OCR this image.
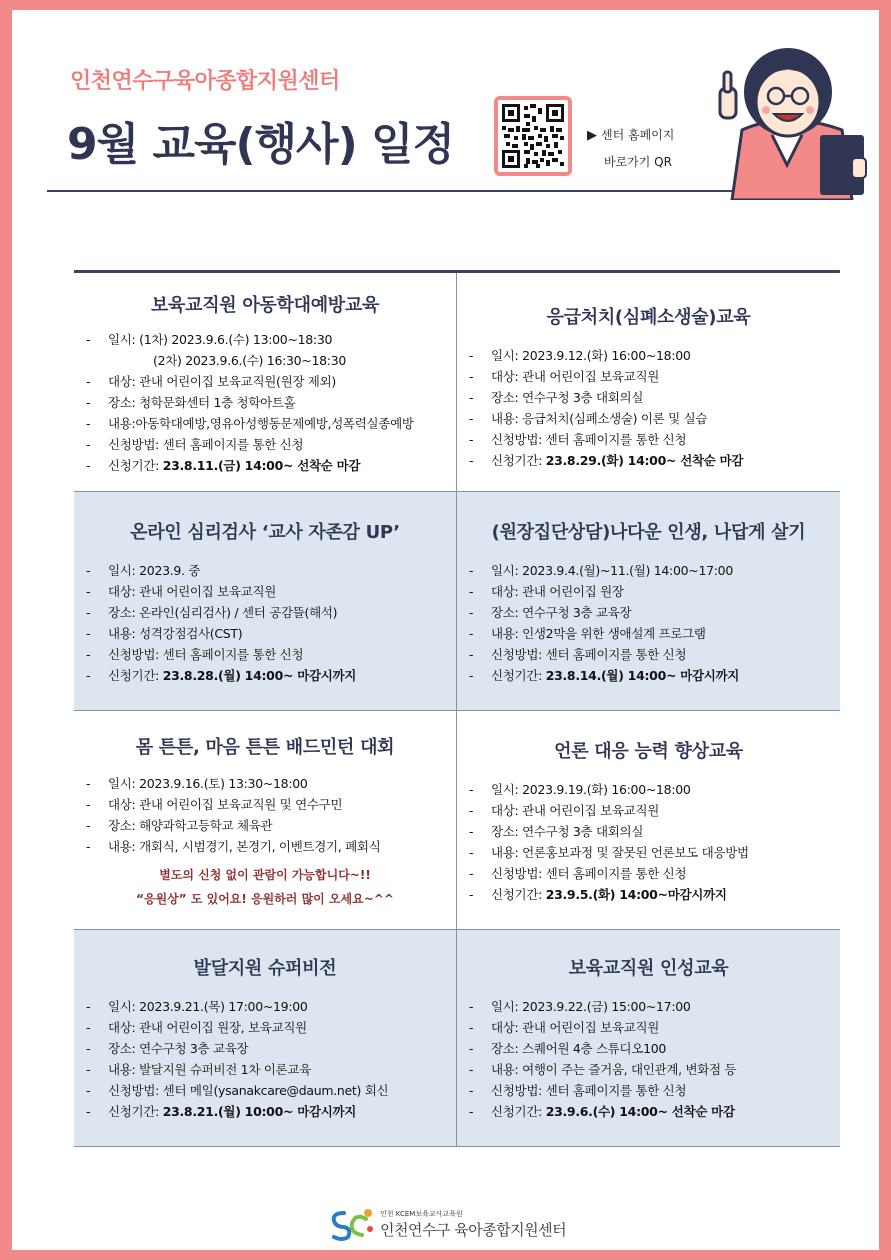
인천연수구육아종합지원센터
9월 교육(행사) 일정	▶ 센터 홈페이지
바로가기 QR
보육교직원 아동학대예방교육
- 일시: (1차) 2023.9.6.(수) 13:00~18:30
(2차) 2023.9.6.(수) 16:30~18:30
- 대상: 관내 어린이집 보육교직원(원장 제외)
- 장소: 청학문화센터 1층 청학아트홀
- 내용:아동학대예방,영유아성행동문제예방,성폭력실종예방
- 신청방법: 센터 홈페이지를 통한 신청
- 신청기간: 23.8.11.(금) 14:00~ 선착순 마감
응급처치(심폐소생술)교육
- 일시: 2023.9.12.(화) 16:00~18:00
- 대상: 관내 어린이집 보육교직원
- 장소: 연수구청 3층 대회의실
- 내용: 응급처치(심폐소생술) 이론 및 실습
- 신청방법: 센터 홈페이지를 통한 신청
- 신청기간: 23.8.29.(화) 14:00~ 선착순 마감
온라인 심리검사 ‘교사 자존감 UP’
- 일시: 2023.9. 중
- 대상: 관내 어린이집 보육교직원
- 장소: 온라인(심리검사) / 센터 공감뜰(해석)
- 내용: 성격강점검사(CST)
- 신청방법: 센터 홈페이지를 통한 신청
- 신청기간: 23.8.28.(월) 14:00~ 마감시까지
(원장집단상담)나다운 인생, 나답게 살기
- 일시: 2023.9.4.(월)~11.(월) 14:00~17:00
- 대상: 관내 어린이집 원장
- 장소: 연수구청 3층 교육장
- 내용: 인생2막을 위한 생애설계 프로그램
- 신청방법: 센터 홈페이지를 통한 신청
- 신청기간: 23.8.14.(월) 14:00~ 마감시까지
몸 튼튼, 마음 튼튼 배드민턴 대회
- 일시: 2023.9.16.(토) 13:30~18:00
- 대상: 관내 어린이집 보육교직원 및 연수구민
- 장소: 해양과학고등학교 체육관
- 내용: 개회식, 시범경기, 본경기, 이벤트경기, 폐회식
별도의 신청 없이 관람이 가능합니다~!!
“응원상” 도 있어요! 응원하러 많이 오세요~^^
언론 대응 능력 향상교육
- 일시: 2023.9.19.(화) 16:00~18:00
- 대상: 관내 어린이집 보육교직원
- 장소: 연수구청 3층 대회의실
- 내용: 언론홍보과정 및 잘못된 언론보도 대응방법
- 신청방법: 센터 홈페이지를 통한 신청
- 신청기간: 23.9.5.(화) 14:00~마감시까지
발달지원 슈퍼비전
- 일시: 2023.9.21.(목) 17:00~19:00
- 대상: 관내 어린이집 원장, 보육교직원
- 장소: 연수구청 3층 교육장
- 내용: 발달지원 슈퍼비전 1차 이론교육
- 신청방법: 센터 메일(ysanakcare@daum.net) 회신
- 신청기간: 23.8.21.(월) 10:00~ 마감시까지
보육교직원 인성교육
- 일시: 2023.9.22.(금) 15:00~17:00
- 대상: 관내 어린이집 보육교직원
- 장소: 스퀘어원 4층 스튜디오100
- 내용: 여행이 주는 즐거움, 대인관계, 변화점 등
- 신청방법: 센터 홈페이지를 통한 신청
- 신청기간: 23.9.6.(수) 14:00~ 선착순 마감
인천 KCEM보육교사교육원
인천연수구 육아종합지원센터
